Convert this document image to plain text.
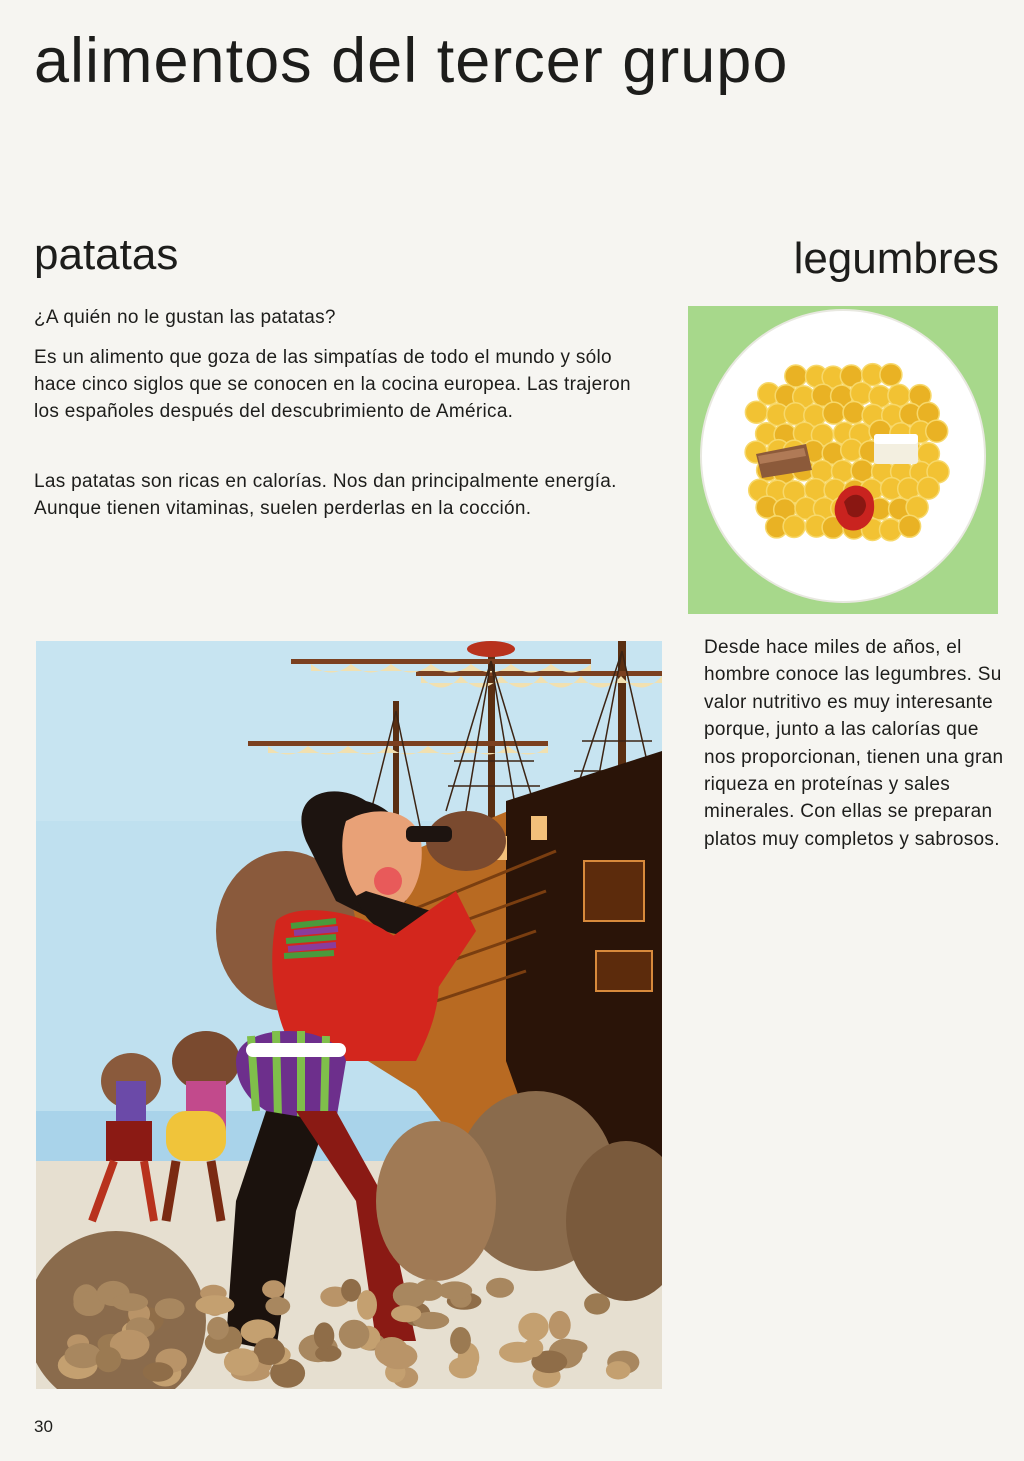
alimentos del tercer grupo
patatas	legumbres

¿A quién no le gustan las patatas?

Es un alimento que goza de las simpatías de todo el mundo y sólo hace cinco siglos que se conocen en la cocina europea. Las trajeron los españoles después del descubrimiento de América.

Las patatas son ricas en calorías. Nos dan principalmente energía. Aunque tienen vitaminas, suelen perderlas en la cocción.

Desde hace miles de años, el hombre conoce las legumbres. Su valor nutritivo es muy interesante porque, junto a las calorías que nos proporcionan, tienen una gran riqueza en proteínas y sales minerales. Con ellas se preparan platos muy completos y sabrosos.

30
